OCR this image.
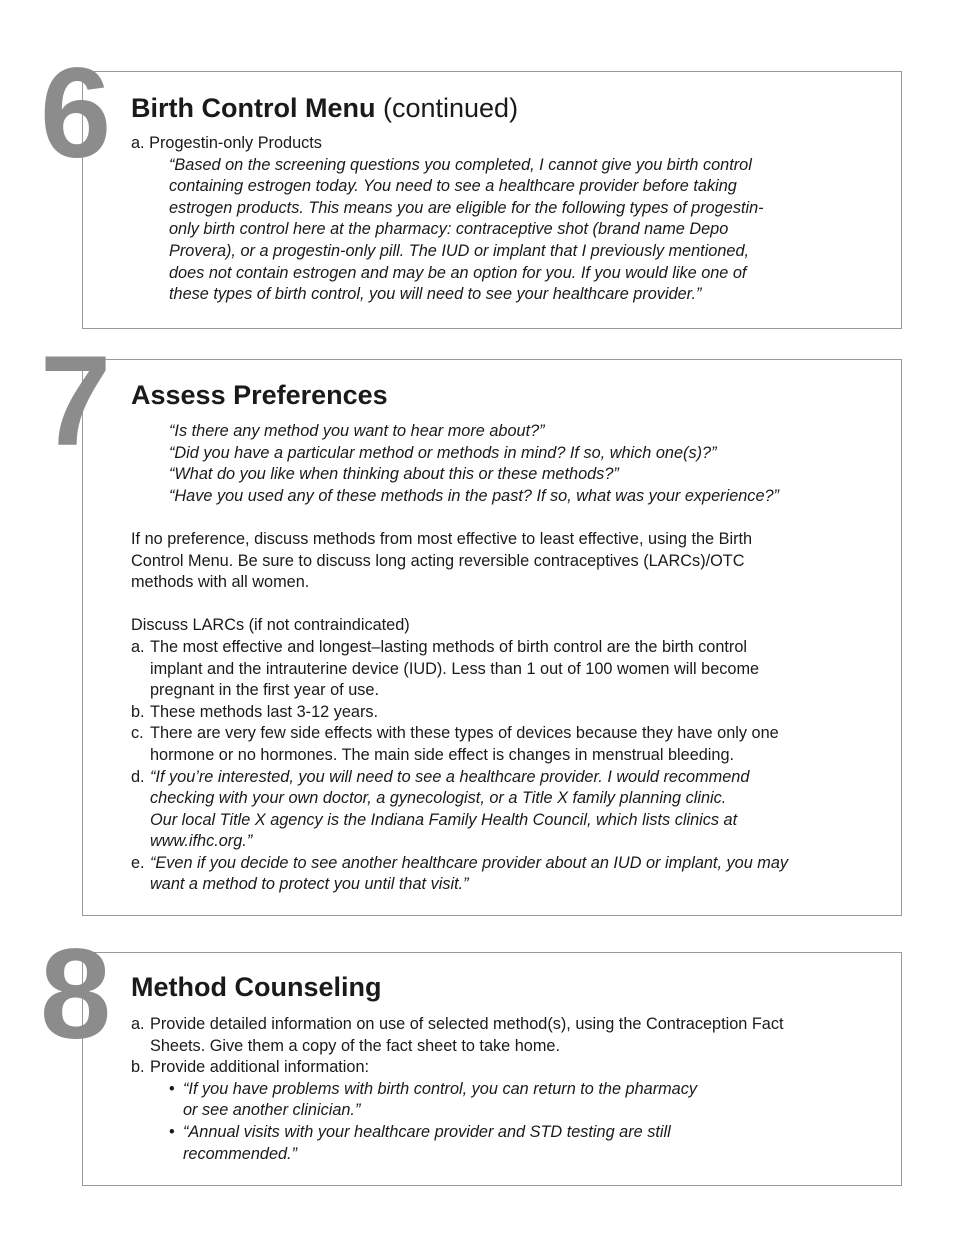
6 Birth Control Menu (continued)

a. Progestin-only Products

“Based on the screening questions you completed, I cannot give you birth control
containing estrogen today. You need to see a healthcare provider before taking
estrogen products. This means you are eligible for the following types of progestin-
only birth control here at the pharmacy: contraceptive shot (brand name Depo
Provera), or a progestin-only pill. The IUD or implant that I previously mentioned,
does not contain estrogen and may be an option for you. If you would like one of
these types of birth control, you will need to see your healthcare provider.”
7 Assess Preferences
“Is there any method you want to hear more about?”
“Did you have a particular method or methods in mind? If so, which one(s)?”
“What do you like when thinking about this or these methods?”
“Have you used any of these methods in the past? If so, what was your experience?”
If no preference, discuss methods from most effective to least effective, using the Birth
Control Menu. Be sure to discuss long acting reversible contraceptives (LARCs)/OTC
methods with all women.
Discuss LARCs (if not contraindicated)
a. The most effective and longest–lasting methods of birth control are the birth control
implant and the intrauterine device (IUD). Less than 1 out of 100 women will become
pregnant in the first year of use.
b. These methods last 3-12 years.
c. There are very few side effects with these types of devices because they have only one
hormone or no hormones. The main side effect is changes in menstrual bleeding.
d. “If you’re interested, you will need to see a healthcare provider. I would recommend
checking with your own doctor, a gynecologist, or a Title X family planning clinic.
Our local Title X agency is the Indiana Family Health Council, which lists clinics at
www.ifhc.org.”
e. “Even if you decide to see another healthcare provider about an IUD or implant, you may
want a method to protect you until that visit.”
8 Method Counseling
a. Provide detailed information on use of selected method(s), using the Contraception Fact
Sheets. Give them a copy of the fact sheet to take home.
b. Provide additional information:
• “If you have problems with birth control, you can return to the pharmacy
or see another clinician.”
• “Annual visits with your healthcare provider and STD testing are still
recommended.”
